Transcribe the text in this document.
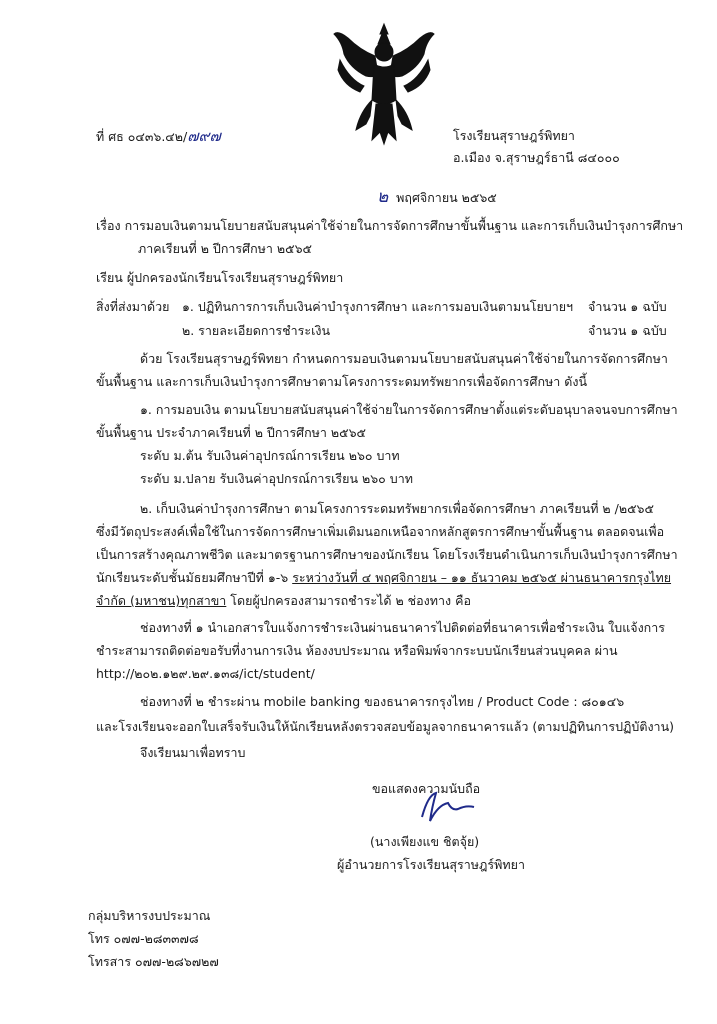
ที่ ศธ ๐๔๓๖.๔๒/๗๙๗	โรงเรียนสุราษฎร์พิทยา
อ.เมือง จ.สุราษฎร์ธานี ๘๔๐๐๐
๒ พฤศจิกายน ๒๕๖๕
เรื่อง การมอบเงินตามนโยบายสนับสนุนค่าใช้จ่ายในการจัดการศึกษาขั้นพื้นฐาน และการเก็บเงินบำรุงการศึกษา
ภาคเรียนที่ ๒ ปีการศึกษา ๒๕๖๕
เรียน ผู้ปกครองนักเรียนโรงเรียนสุราษฎร์พิทยา
สิ่งที่ส่งมาด้วย ๑. ปฏิทินการการเก็บเงินค่าบำรุงการศึกษา และการมอบเงินตามนโยบายฯ จำนวน ๑ ฉบับ
๒. รายละเอียดการชำระเงิน	จำนวน ๑ ฉบับ
ด้วย โรงเรียนสุราษฎร์พิทยา กำหนดการมอบเงินตามนโยบายสนับสนุนค่าใช้จ่ายในการจัดการศึกษา
ขั้นพื้นฐาน และการเก็บเงินบำรุงการศึกษาตามโครงการระดมทรัพยากรเพื่อจัดการศึกษา ดังนี้
๑. การมอบเงิน ตามนโยบายสนับสนุนค่าใช้จ่ายในการจัดการศึกษาตั้งแต่ระดับอนุบาลจนจบการศึกษา
ขั้นพื้นฐาน ประจำภาคเรียนที่ ๒ ปีการศึกษา ๒๕๖๕
ระดับ ม.ต้น รับเงินค่าอุปกรณ์การเรียน ๒๖๐ บาท
ระดับ ม.ปลาย รับเงินค่าอุปกรณ์การเรียน ๒๖๐ บาท
๒. เก็บเงินค่าบำรุงการศึกษา ตามโครงการระดมทรัพยากรเพื่อจัดการศึกษา ภาคเรียนที่ ๒ /๒๕๖๕
ซึ่งมีวัตถุประสงค์เพื่อใช้ในการจัดการศึกษาเพิ่มเติมนอกเหนือจากหลักสูตรการศึกษาขั้นพื้นฐาน ตลอดจนเพื่อ
เป็นการสร้างคุณภาพชีวิต และมาตรฐานการศึกษาของนักเรียน โดยโรงเรียนดำเนินการเก็บเงินบำรุงการศึกษา
นักเรียนระดับชั้นมัธยมศึกษาปีที่ ๑-๖ ระหว่างวันที่ ๔ พฤศจิกายน – ๑๑ ธันวาคม ๒๕๖๕ ผ่านธนาคารกรุงไทย
จำกัด (มหาชน)ทุกสาขา โดยผู้ปกครองสามารถชำระได้ ๒ ช่องทาง คือ
ช่องทางที่ ๑ นำเอกสารใบแจ้งการชำระเงินผ่านธนาคารไปติดต่อที่ธนาคารเพื่อชำระเงิน ใบแจ้งการ
ชำระสามารถติดต่อขอรับที่งานการเงิน ห้องงบประมาณ หรือพิมพ์จากระบบนักเรียนส่วนบุคคล ผ่าน
http://๒๐๒.๑๒๙.๒๙.๑๓๘/ict/student/
ช่องทางที่ ๒ ชำระผ่าน mobile banking ของธนาคารกรุงไทย / Product Code : ๘๐๑๔๖
และโรงเรียนจะออกใบเสร็จรับเงินให้นักเรียนหลังตรวจสอบข้อมูลจากธนาคารแล้ว (ตามปฏิทินการปฏิบัติงาน)
จึงเรียนมาเพื่อทราบ
ขอแสดงความนับถือ
(นางเพียงแข ชิตจุ้ย)
ผู้อำนวยการโรงเรียนสุราษฎร์พิทยา
กลุ่มบริหารงบประมาณ
โทร ๐๗๗-๒๘๓๓๗๘
โทรสาร ๐๗๗-๒๘๖๗๒๗
